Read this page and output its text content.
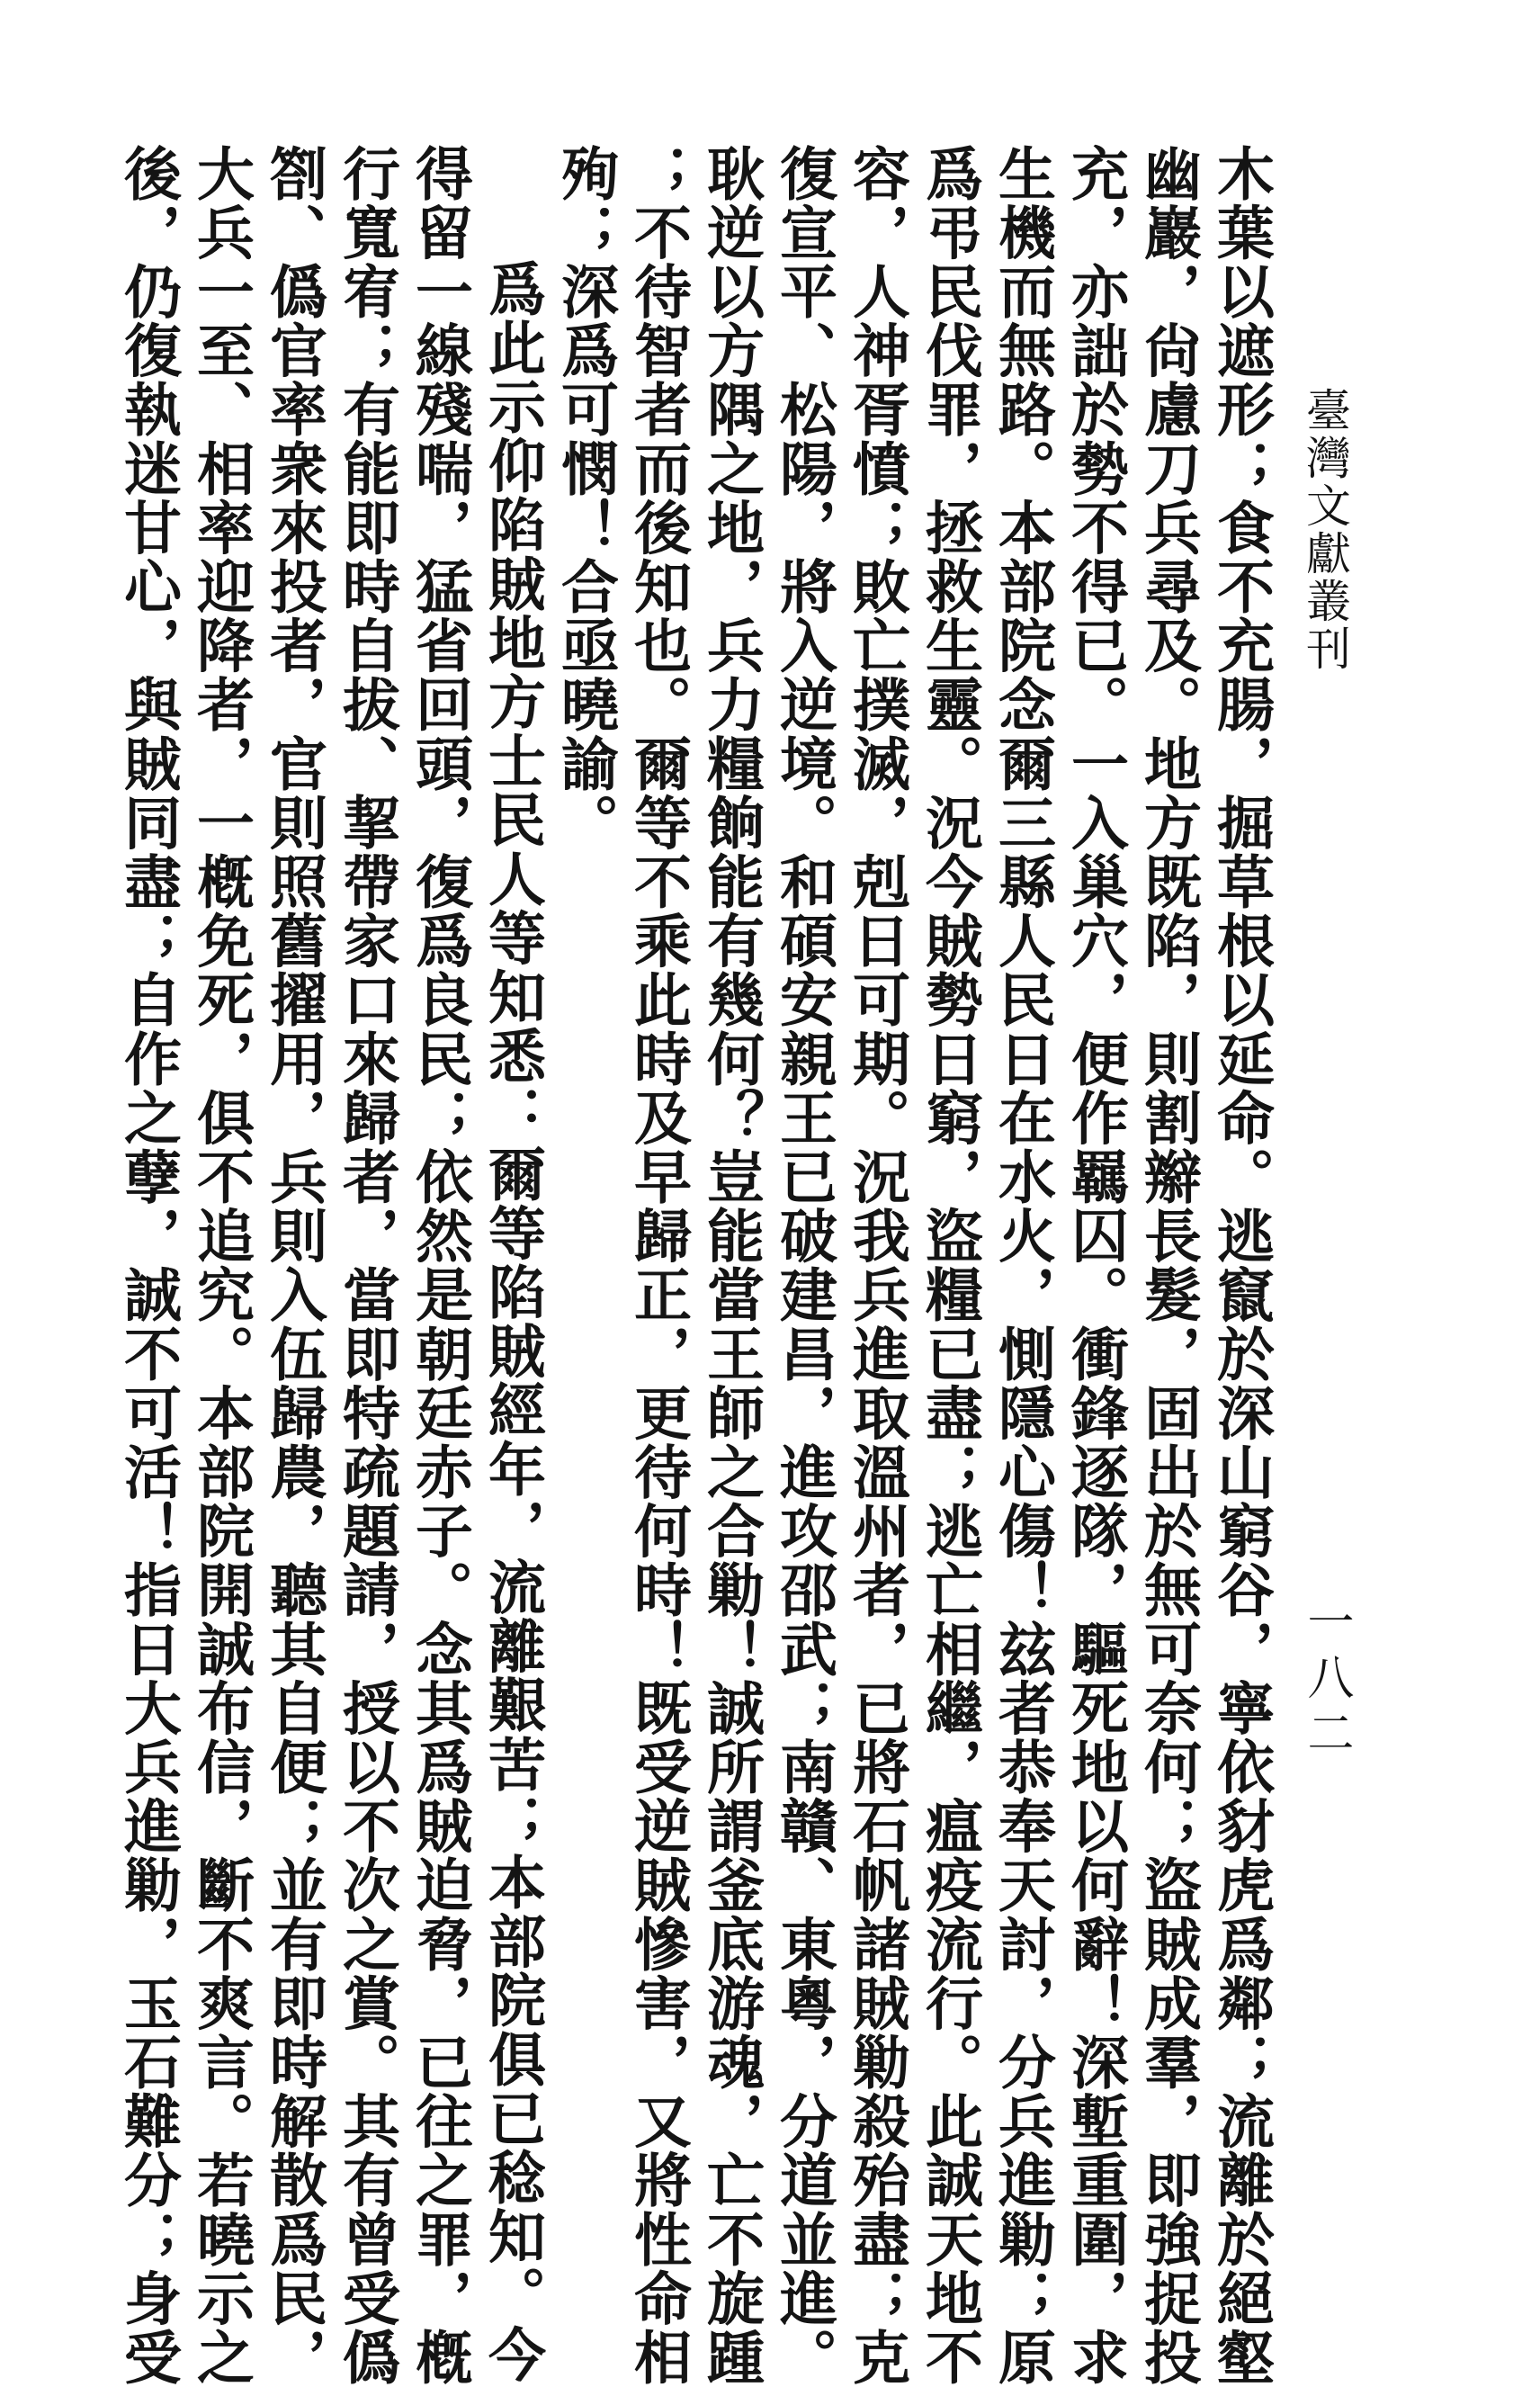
臺灣文獻叢刊
一八二

木葉以遮形；食不充腸，掘草根以延命。逃竄於深山窮谷，寧依豺虎爲鄰；流離於絕壑

幽巖，尙慮刀兵尋及。地方既陷，則割辮長髮，固出於無可奈何；盜賊成羣，即強捉投

充，亦詘於勢不得已。一入巢穴，便作羈囚。衝鋒逐隊，驅死地以何辭！深塹重圍，求

生機而無路。本部院念爾三縣人民日在水火，惻隱心傷！玆者恭奉天討，分兵進勦；原

爲弔民伐罪，拯救生靈。況今賊勢日窮，盜糧已盡；逃亡相繼，瘟疫流行。此誠天地不

容，人神胥憤；敗亡撲滅，剋日可期。況我兵進取溫州者，已將石帆諸賊勦殺殆盡；克

復宣平、松陽，將入逆境。和碩安親王已破建昌，進攻邵武；南贛、東粵，分道並進。

耿逆以方隅之地，兵力糧餉能有幾何？豈能當王師之合勦！誠所謂釜底游魂，亡不旋踵

；不待智者而後知也。爾等不乘此時及早歸正，更待何時！既受逆賊慘害，又將性命相

殉；深爲可憫！合亟曉諭。

爲此示仰陷賊地方士民人等知悉：爾等陷賊經年，流離艱苦；本部院俱已稔知。今

得留一線殘喘，猛省回頭，復爲良民；依然是朝廷赤子。念其爲賊迫脅，已往之罪，槪

行寬宥；有能即時自拔、挈帶家口來歸者，當即特疏題請，授以不次之賞。其有曾受僞

劄、僞官率衆來投者，官則照舊擢用，兵則入伍歸農，聽其自便；並有即時解散爲民，

大兵一至、相率迎降者，一槪免死，俱不追究。本部院開誠布信，斷不爽言。若曉示之

後，仍復執迷甘心，與賊同盡；自作之孽，誠不可活！指日大兵進勦，玉石難分；身受
